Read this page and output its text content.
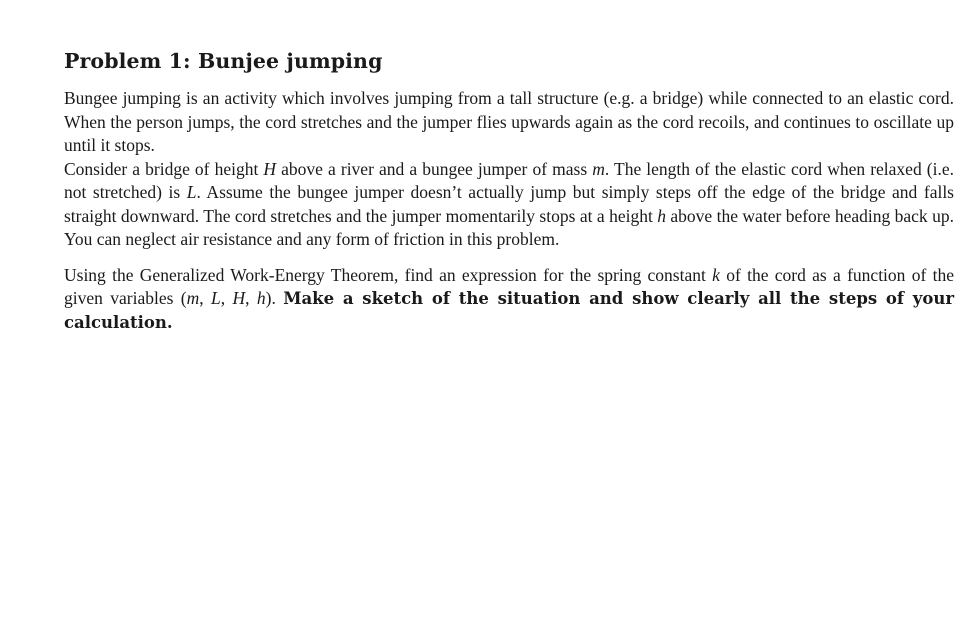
Problem 1: Bunjee jumping

Bungee jumping is an activity which involves jumping from a tall structure (e.g. a bridge) while connected to an elastic cord. When the person jumps, the cord stretches and the jumper flies upwards again as the cord recoils, and continues to oscillate up until it stops.

Consider a bridge of height H above a river and a bungee jumper of mass m. The length of the elastic cord when relaxed (i.e. not stretched) is L. Assume the bungee jumper doesn’t actually jump but simply steps off the edge of the bridge and falls straight downward. The cord stretches and the jumper momentarily stops at a height h above the water before heading back up. You can neglect air resistance and any form of friction in this problem.

Using the Generalized Work-Energy Theorem, find an expression for the spring constant k of the cord as a function of the given variables (m, L, H, h). Make a sketch of the situation and show clearly all the steps of your calculation.
